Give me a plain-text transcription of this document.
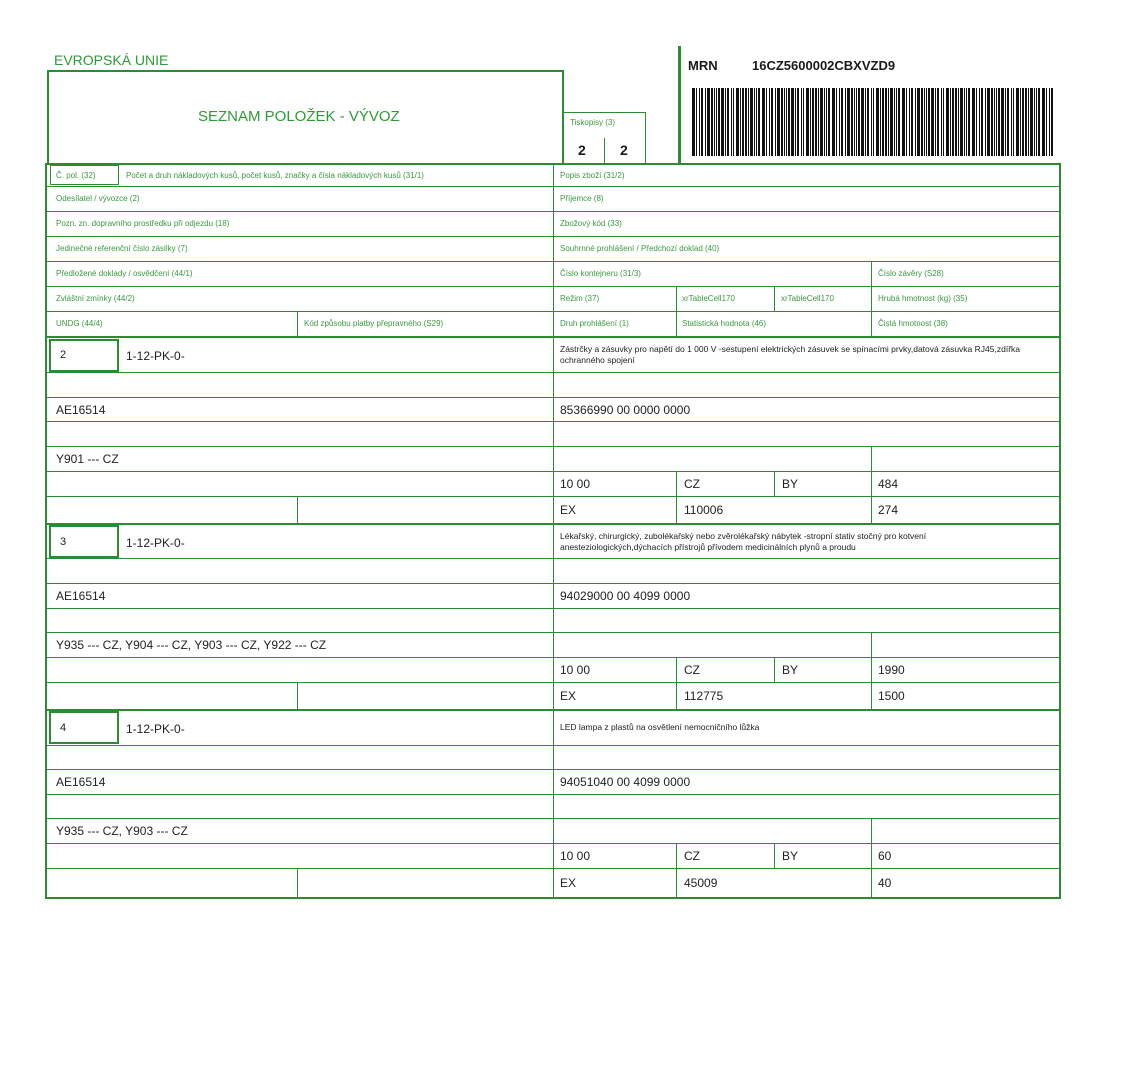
EVROPSKÁ UNIE
SEZNAM POLOŽEK - VÝVOZ	Tiskopisy (3)
2 2
MRN	16CZ5600002CBXVZD9
Č. pol. (32)	Počet a druh nákladových kusů, počet kusů, značky a čísla nákladových kusů (31/1)	Popis zboží (31/2)
Odesílatel / vývozce (2)	Příjemce (8)
Pozn. zn. dopravního prostředku při odjezdu (18)	Zbožový kód (33)
Jedinečné referenční číslo zásilky (7)	Souhrnné prohlášení / Předchozí doklad (40)
Předložené doklady / osvědčení (44/1)	Číslo kontejneru (31/3)	Číslo závěry (S28)
Zvláštní zmínky (44/2)	Režim (37)	xrTableCell170	xrTableCell170	Hrubá hmotnost (kg) (35)
UNDG (44/4)	Kód způsobu platby přepravného (S29)	Druh prohlášení (1)	Statistická hodnota (46)	Čistá hmotnost (38)
2	1-12-PK-0-	Zástrčky a zásuvky pro napětí do 1 000 V -sestupení elektrických zásuvek se spínacími prvky,datová zásuvka RJ45,zdířka ochranného spojení
AE16514	85366990 00 0000 0000
Y901 --- CZ
10 00	CZ	BY	484
EX	110006	274
3	1-12-PK-0-	Lékařský, chirurgický, zubolékařský nebo zvěrolékařský nábytek -stropní stativ stočný pro kotvení anesteziologických,dýchacích přístrojů přívodem medicinálních plynů a proudu
AE16514	94029000 00 4099 0000
Y935 --- CZ, Y904 --- CZ, Y903 --- CZ, Y922 --- CZ
10 00	CZ	BY	1990
EX	112775	1500
4	1-12-PK-0-	LED lampa z plastů na osvětlení nemocničního lůžka
AE16514	94051040 00 4099 0000
Y935 --- CZ, Y903 --- CZ
10 00	CZ	BY	60
EX	45009	40
